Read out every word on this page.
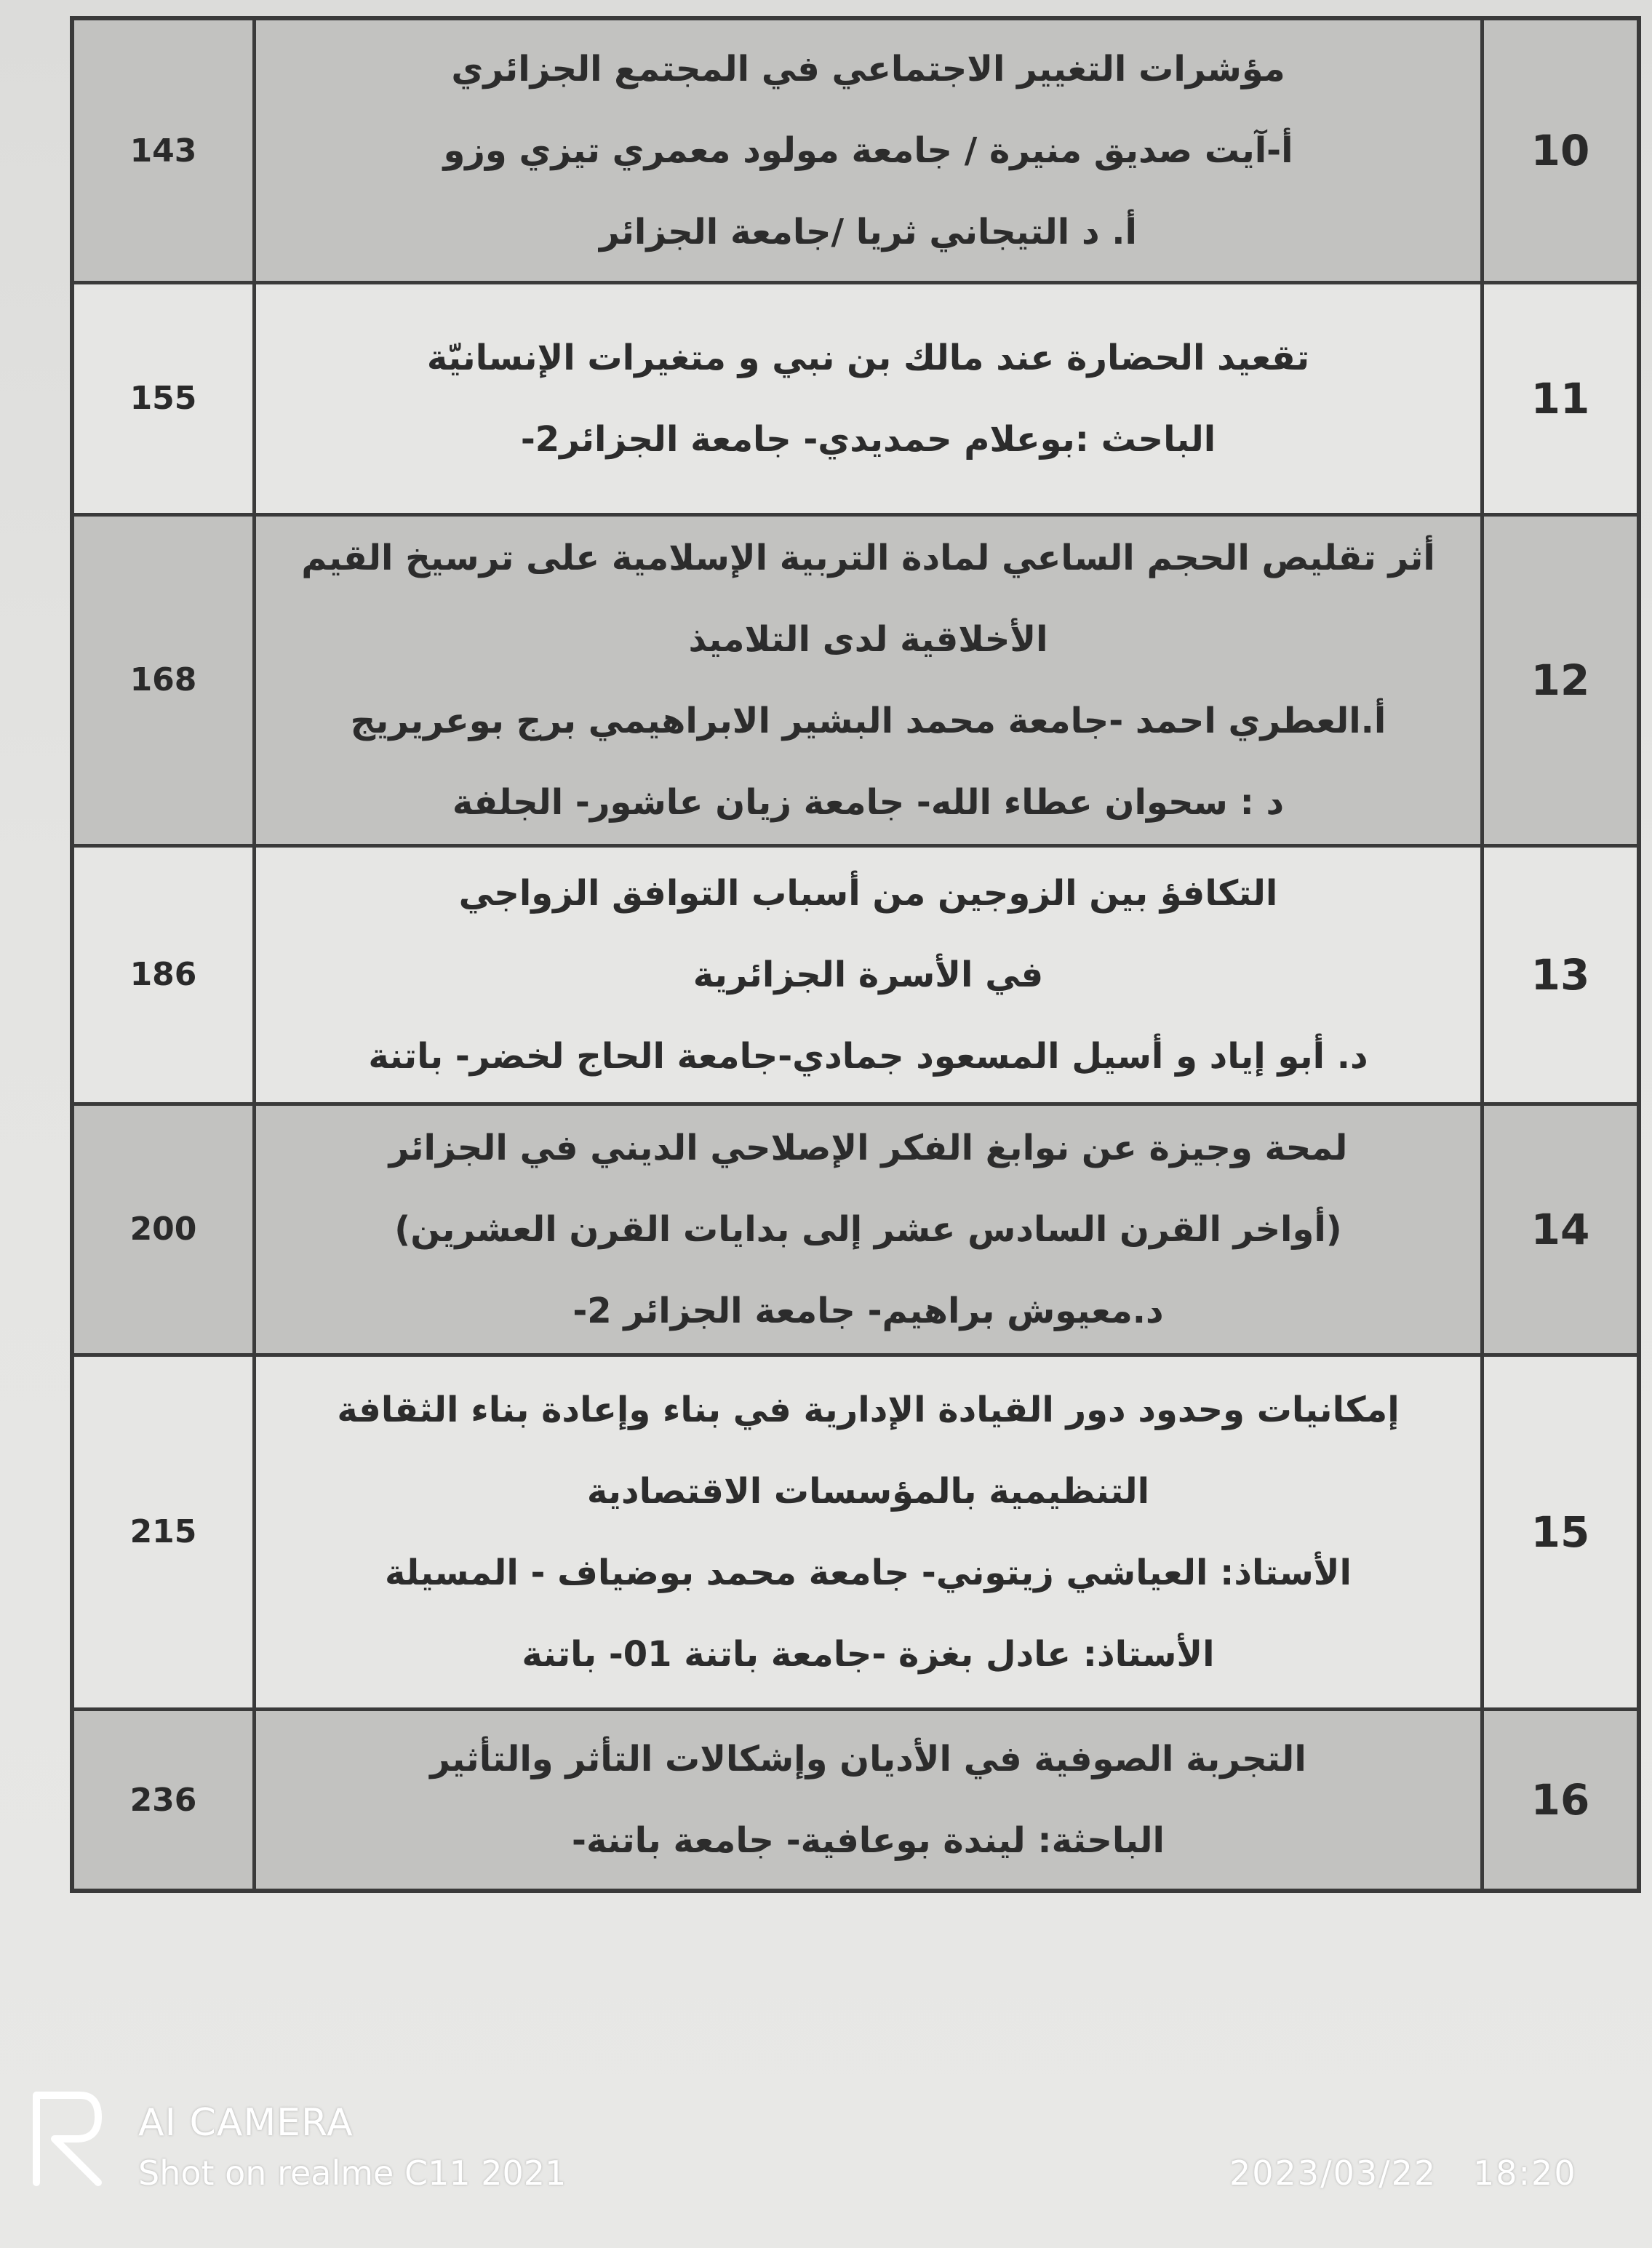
143
مؤشرات التغيير الاجتماعي في المجتمع الجزائري
أ-آيت صديق منيرة / جامعة مولود معمري تيزي وزو
أ. د التيجاني ثريا /جامعة الجزائر
10
155
تقعيد الحضارة عند مالك بن نبي و متغيرات الإنسانيّة
الباحث :بوعلام حمديدي- جامعة الجزائر2-
11
168
أثر تقليص الحجم الساعي لمادة التربية الإسلامية على ترسيخ القيم
الأخلاقية لدى التلاميذ
أ.العطري احمد -جامعة محمد البشير الابراهيمي برج بوعريريج
د : سحوان عطاء الله- جامعة زيان عاشور- الجلفة
12
186
التكافؤ بين الزوجين من أسباب التوافق الزواجي
في الأسرة الجزائرية
د. أبو إياد و أسيل المسعود جمادي-جامعة الحاج لخضر- باتنة
13
200
لمحة وجيزة عن نوابغ الفكر الإصلاحي الديني في الجزائر
(أواخر القرن السادس عشر إلى بدايات القرن العشرين)
د.معيوش براهيم- جامعة الجزائر 2-
14
215
إمكانيات وحدود دور القيادة الإدارية في بناء وإعادة بناء الثقافة
التنظيمية بالمؤسسات الاقتصادية
الأستاذ: العياشي زيتوني- جامعة محمد بوضياف - المسيلة
الأستاذ: عادل بغزة -جامعة باتنة 01- باتنة
15
236
التجربة الصوفية في الأديان وإشكالات التأثر والتأثير
الباحثة: ليندة بوعافية- جامعة باتنة-
16
AI CAMERA
Shot on realme C11 2021	2023/03/22 18:20
